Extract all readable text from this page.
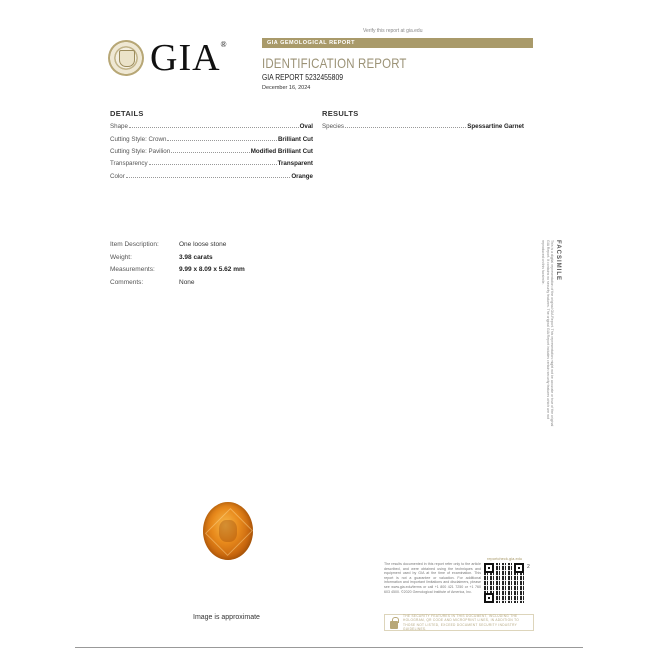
GIA®
Verify this report at gia.edu
GIA GEMOLOGICAL REPORT
IDENTIFICATION REPORT
GIA REPORT 5232455809
December 16, 2024
DETAILS
Shape	Oval
Cutting Style: Crown	Brilliant Cut
Cutting Style: Pavilion	Modified Brilliant Cut
Transparency	Transparent
Color	Orange
RESULTS
Species	Spessartine Garnet
Item Description:	One loose stone
Weight:	3.98 carats
Measurements:	9.99 x 8.09 x 5.62 mm
Comments:	None
FACSIMILE
This is a digital representation of the original GIA Report. This representation might not be accurate or true of the original GIA Report. It contains no security features. The original GIA Report includes certain security features which are not reproduced on this facsimile.
Image is approximate
The results documented in this report refer only to the article described, and were obtained using the techniques and equipment used by GIA at the time of examination. This report is not a guarantee or valuation. For additional information and important limitations and disclaimers, please see www.gia.edu/terms or call +1 800 421 7250 or +1 760 603 4500. ©2020 Gemological Institute of America, Inc.
reportcheck.gia.edu
2
THE SECURITY FEATURES IN THIS DOCUMENT, INCLUDING THE HOLOGRAM, QR CODE AND MICROPRINT LINES, IN ADDITION TO THOSE NOT LISTED, EXCEED DOCUMENT SECURITY INDUSTRY GUIDELINES.
